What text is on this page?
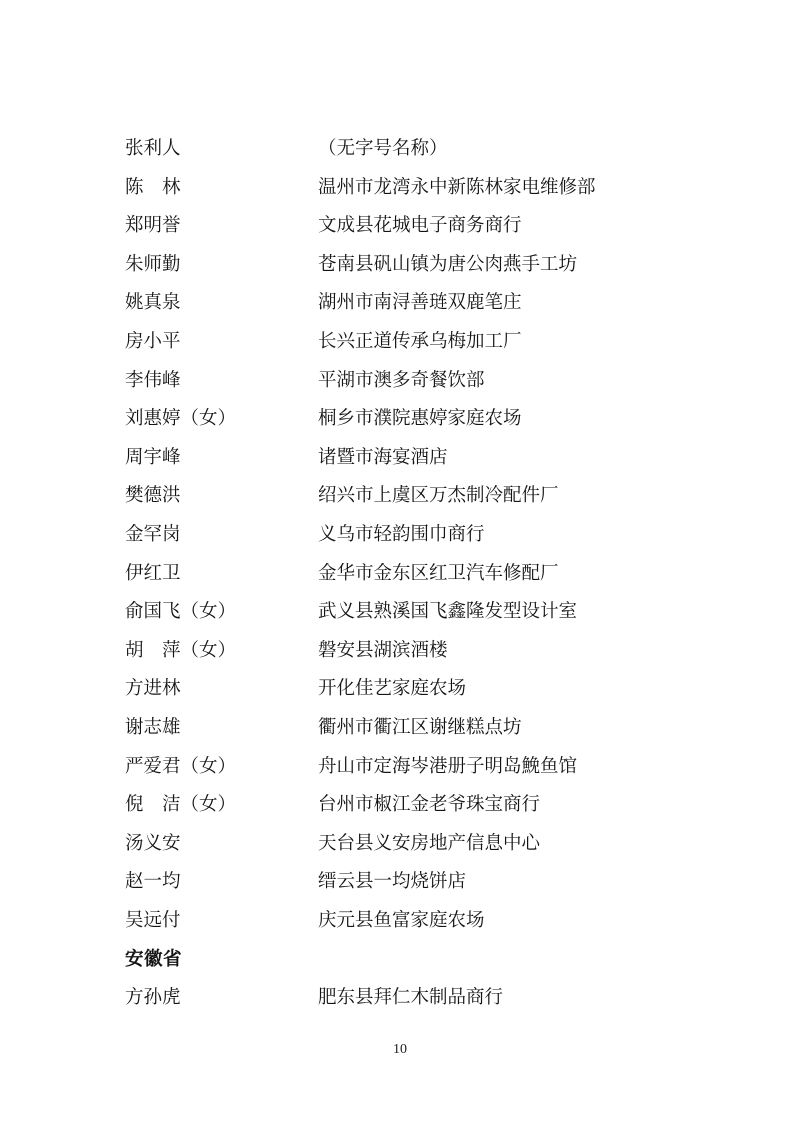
张利人	（无字号名称）
陈　林	温州市龙湾永中新陈林家电维修部
郑明誉	文成县花城电子商务商行
朱师勤	苍南县矾山镇为唐公肉燕手工坊
姚真泉	湖州市南浔善琏双鹿笔庄
房小平	长兴正道传承乌梅加工厂
李伟峰	平湖市澳多奇餐饮部
刘惠婷（女）	桐乡市濮院惠婷家庭农场
周宇峰	诸暨市海宴酒店
樊德洪	绍兴市上虞区万杰制冷配件厂
金罕岗	义乌市轻韵围巾商行
伊红卫	金华市金东区红卫汽车修配厂
俞国飞（女）	武义县熟溪国飞鑫隆发型设计室
胡　萍（女）	磐安县湖滨酒楼
方进林	开化佳艺家庭农场
谢志雄	衢州市衢江区谢继糕点坊
严爱君（女）	舟山市定海岑港册子明岛鮸鱼馆
倪　洁（女）	台州市椒江金老爷珠宝商行
汤义安	天台县义安房地产信息中心
赵一均	缙云县一均烧饼店
吴远付	庆元县鱼富家庭农场
安徽省
方孙虎	肥东县拜仁木制品商行
10
